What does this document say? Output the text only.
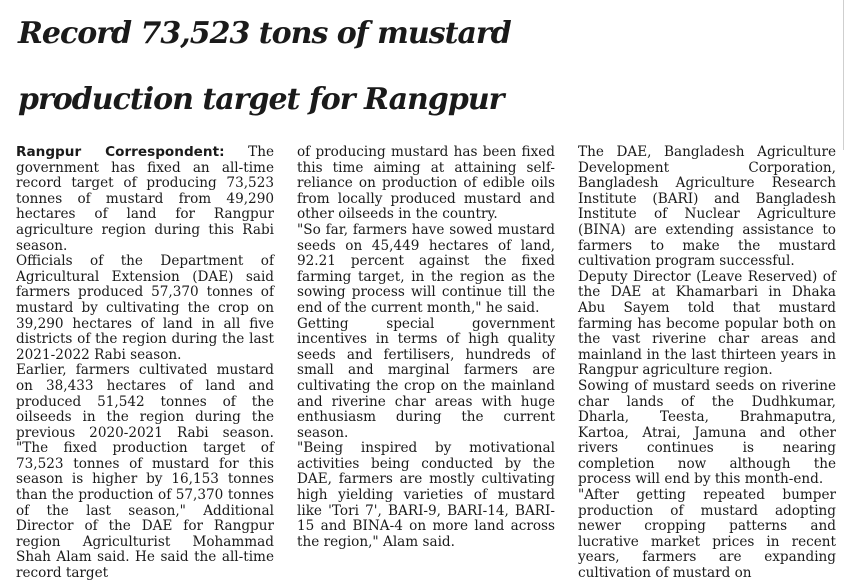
Record 73,523 tons of mustard
production target for Rangpur

Rangpur Correspondent: The government has fixed an all-time record target of producing 73,523 tonnes of mustard from 49,290 hectares of land for Rangpur agriculture region during this Rabi season.

Officials of the Department of Agricultural Extension (DAE) said farmers produced 57,370 tonnes of mustard by cultivating the crop on 39,290 hectares of land in all five districts of the region during the last 2021-2022 Rabi season.

Earlier, farmers cultivated mustard on 38,433 hectares of land and produced 51,542 tonnes of the oilseeds in the region during the previous 2020-2021 Rabi season. "The fixed production target of 73,523 tonnes of mustard for this season is higher by 16,153 tonnes than the production of 57,370 tonnes of the last season," Additional Director of the DAE for Rangpur region Agriculturist Mohammad Shah Alam said. He said the all-time record target

of producing mustard has been fixed this time aiming at attaining self-reliance on production of edible oils from locally produced mustard and other oilseeds in the country.

"So far, farmers have sowed mustard seeds on 45,449 hectares of land, 92.21 percent against the fixed farming target, in the region as the sowing process will continue till the end of the current month," he said.

Getting special government incentives in terms of high quality seeds and fertilisers, hundreds of small and marginal farmers are cultivating the crop on the mainland and riverine char areas with huge enthusiasm during the current season.

"Being inspired by motivational activities being conducted by the DAE, farmers are mostly cultivating high yielding varieties of mustard like 'Tori 7', BARI-9, BARI-14, BARI-15 and BINA-4 on more land across the region," Alam said.

The DAE, Bangladesh Agriculture Development Corporation, Bangladesh Agriculture Research Institute (BARI) and Bangladesh Institute of Nuclear Agriculture (BINA) are extending assistance to farmers to make the mustard cultivation program successful.

Deputy Director (Leave Reserved) of the DAE at Khamarbari in Dhaka Abu Sayem told that mustard farming has become popular both on the vast riverine char areas and mainland in the last thirteen years in Rangpur agriculture region.

Sowing of mustard seeds on riverine char lands of the Dudhkumar, Dharla, Teesta, Brahmaputra, Kartoa, Atrai, Jamuna and other rivers continues is nearing completion now although the process will end by this month-end.

"After getting repeated bumper production of mustard adopting newer cropping patterns and lucrative market prices in recent years, farmers are expanding cultivation of mustard on
